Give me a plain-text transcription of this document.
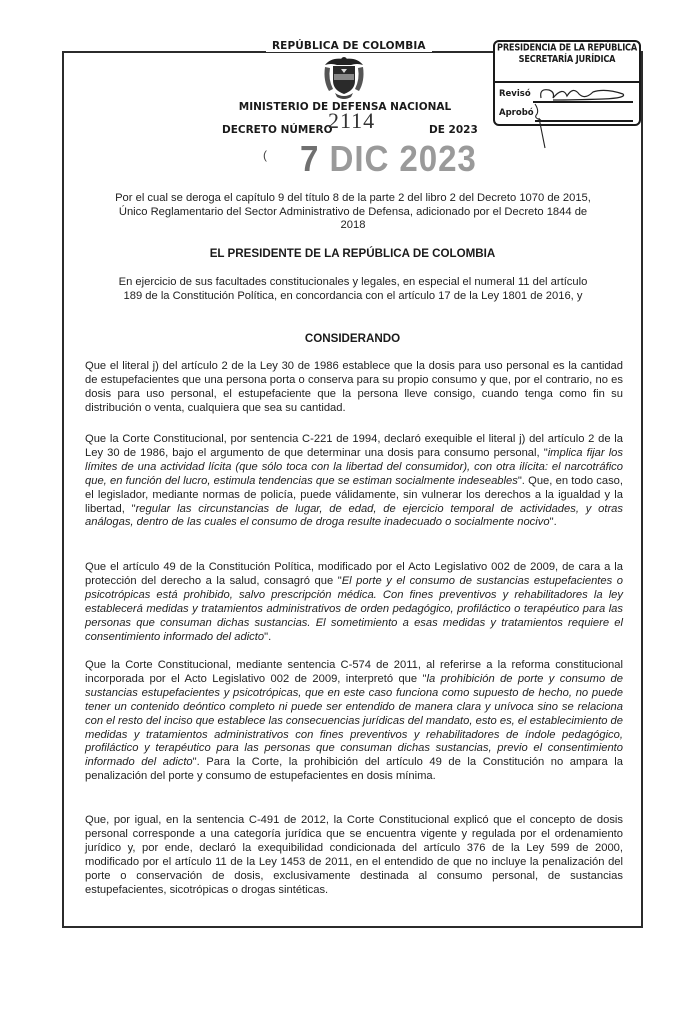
REPÚBLICA DE COLOMBIA
MINISTERIO DE DEFENSA NACIONAL
DECRETO NÚMERO
2114	DE 2023
( 7 DIC 2023
PRESIDENCIA DE LA REPÚBLICA
SECRETARÍA JURÍDICA
Revisó
Aprobó
Por el cual se deroga el capítulo 9 del título 8 de la parte 2 del libro 2 del Decreto 1070 de 2015,
Único Reglamentario del Sector Administrativo de Defensa, adicionado por el Decreto 1844 de
2018
EL PRESIDENTE DE LA REPÚBLICA DE COLOMBIA
En ejercicio de sus facultades constitucionales y legales, en especial el numeral 11 del artículo
189 de la Constitución Política, en concordancia con el artículo 17 de la Ley 1801 de 2016, y
CONSIDERANDO
Que el literal j) del artículo 2 de la Ley 30 de 1986 establece que la dosis para uso personal es la cantidad de estupefacientes que una persona porta o conserva para su propio consumo y que, por el contrario, no es dosis para uso personal, el estupefaciente que la persona lleve consigo, cuando tenga como fin su distribución o venta, cualquiera que sea su cantidad.
Que la Corte Constitucional, por sentencia C-221 de 1994, declaró exequible el literal j) del artículo 2 de la Ley 30 de 1986, bajo el argumento de que determinar una dosis para consumo personal, "implica fijar los límites de una actividad lícita (que sólo toca con la libertad del consumidor), con otra ilícita: el narcotráfico que, en función del lucro, estimula tendencias que se estiman socialmente indeseables". Que, en todo caso, el legislador, mediante normas de policía, puede válidamente, sin vulnerar los derechos a la igualdad y la libertad, "regular las circunstancias de lugar, de edad, de ejercicio temporal de actividades, y otras análogas, dentro de las cuales el consumo de droga resulte inadecuado o socialmente nocivo".
Que el artículo 49 de la Constitución Política, modificado por el Acto Legislativo 002 de 2009, de cara a la protección del derecho a la salud, consagró que "El porte y el consumo de sustancias estupefacientes o psicotrópicas está prohibido, salvo prescripción médica. Con fines preventivos y rehabilitadores la ley establecerá medidas y tratamientos administrativos de orden pedagógico, profiláctico o terapéutico para las personas que consuman dichas sustancias. El sometimiento a esas medidas y tratamientos requiere el consentimiento informado del adicto".
Que la Corte Constitucional, mediante sentencia C-574 de 2011, al referirse a la reforma constitucional incorporada por el Acto Legislativo 002 de 2009, interpretó que "la prohibición de porte y consumo de sustancias estupefacientes y psicotrópicas, que en este caso funciona como supuesto de hecho, no puede tener un contenido deóntico completo ni puede ser entendido de manera clara y unívoca sino se relaciona con el resto del inciso que establece las consecuencias jurídicas del mandato, esto es, el establecimiento de medidas y tratamientos administrativos con fines preventivos y rehabilitadores de índole pedagógico, profiláctico y terapéutico para las personas que consuman dichas sustancias, previo el consentimiento informado del adicto". Para la Corte, la prohibición del artículo 49 de la Constitución no ampara la penalización del porte y consumo de estupefacientes en dosis mínima.
Que, por igual, en la sentencia C-491 de 2012, la Corte Constitucional explicó que el concepto de dosis personal corresponde a una categoría jurídica que se encuentra vigente y regulada por el ordenamiento jurídico y, por ende, declaró la exequibilidad condicionada del artículo 376 de la Ley 599 de 2000, modificado por el artículo 11 de la Ley 1453 de 2011, en el entendido de que no incluye la penalización del porte o conservación de dosis, exclusivamente destinada al consumo personal, de sustancias estupefacientes, sicotrópicas o drogas sintéticas.
